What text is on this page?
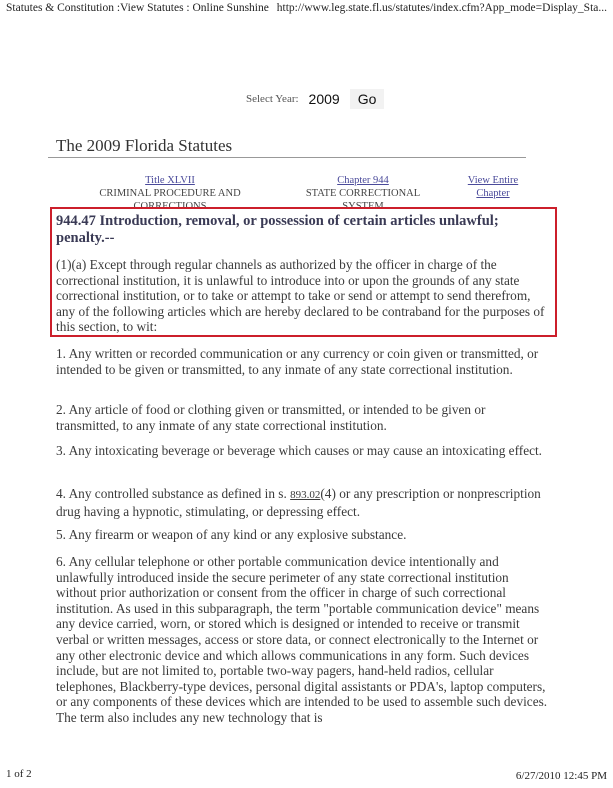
Statutes & Constitution :View Statutes : Online Sunshine http://www.leg.state.fl.us/statutes/index.cfm?App_mode=Display_Sta...
Select Year: 2009	Go
The 2009 Florida Statutes
Title XLVII
CRIMINAL PROCEDURE AND CORRECTIONS
Chapter 944
STATE CORRECTIONAL SYSTEM
View Entire Chapter
944.47 Introduction, removal, or possession of certain articles unlawful; penalty.--
(1)(a) Except through regular channels as authorized by the officer in charge of the correctional institution, it is unlawful to introduce into or upon the grounds of any state correctional institution, or to take or attempt to take or send or attempt to send therefrom, any of the following articles which are hereby declared to be contraband for the purposes of this section, to wit:
1. Any written or recorded communication or any currency or coin given or transmitted, or intended to be given or transmitted, to any inmate of any state correctional institution.
2. Any article of food or clothing given or transmitted, or intended to be given or transmitted, to any inmate of any state correctional institution.
3. Any intoxicating beverage or beverage which causes or may cause an intoxicating effect.
4. Any controlled substance as defined in s. 893.02(4) or any prescription or nonprescription drug having a hypnotic, stimulating, or depressing effect.
5. Any firearm or weapon of any kind or any explosive substance.
6. Any cellular telephone or other portable communication device intentionally and unlawfully introduced inside the secure perimeter of any state correctional institution without prior authorization or consent from the officer in charge of such correctional institution. As used in this subparagraph, the term "portable communication device" means any device carried, worn, or stored which is designed or intended to receive or transmit verbal or written messages, access or store data, or connect electronically to the Internet or any other electronic device and which allows communications in any form. Such devices include, but are not limited to, portable two-way pagers, hand-held radios, cellular telephones, Blackberry-type devices, personal digital assistants or PDA's, laptop computers, or any components of these devices which are intended to be used to assemble such devices. The term also includes any new technology that is
1 of 2	6/27/2010 12:45 PM
